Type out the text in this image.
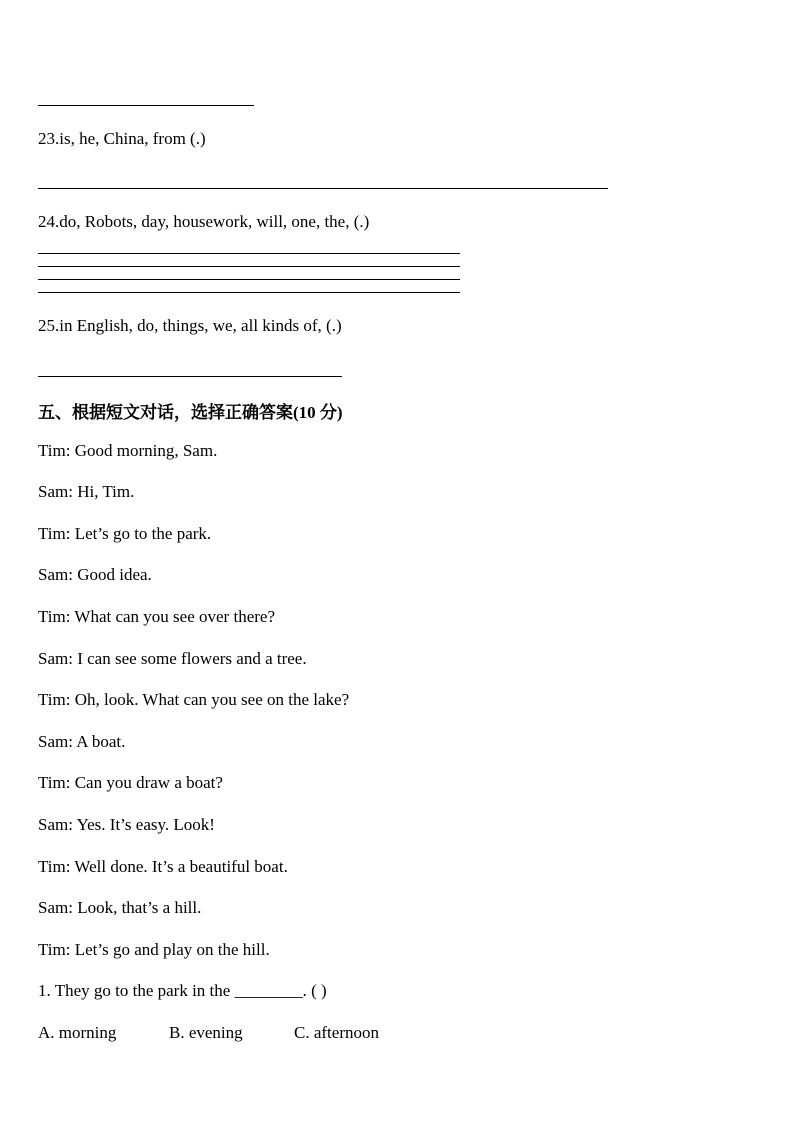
23.is, he, China, from (.)
24.do, Robots, day, housework, will, one, the, (.)
25.in English, do, things, we, all kinds of, (.)
五、根据短文对话，选择正确答案(10 分)
Tim: Good morning, Sam.
Sam: Hi, Tim.
Tim: Let’s go to the park.
Sam: Good idea.
Tim: What can you see over there?
Sam: I can see some flowers and a tree.
Tim: Oh, look. What can you see on the lake?
Sam: A boat.
Tim: Can you draw a boat?
Sam: Yes. It’s easy. Look!
Tim: Well done. It’s a beautiful boat.
Sam: Look, that’s a hill.
Tim: Let’s go and play on the hill.
1. They go to the park in the ________. ( )
A. morning	B. evening	C. afternoon
